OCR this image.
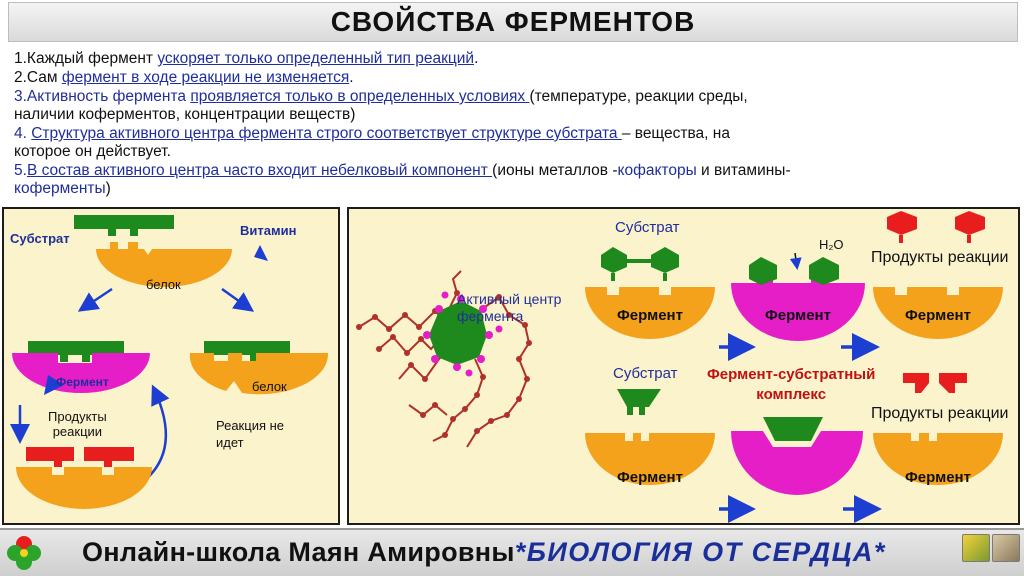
СВОЙСТВА ФЕРМЕНТОВ
1.Каждый фермент ускоряет только определенный тип реакций.
2.Сам фермент в ходе реакции не изменяется.
3.Активность фермента проявляется только в определенных условиях (температуре, реакции среды,
наличии коферментов, концентрации веществ)
4. Структура активного центра фермента строго соответствует структуре субстрата – вещества, на
которое он действует.
5.В состав активного центра часто входит небелковый компонент (ионы металлов -кофакторы и витамины-
коферменты)
Субстрат
Витамин
белок
Фермент	белок
Продукты
реакции	Реакция не
идет
Активный центр
фермента
Субстрат
Субстрат
H₂O
Продукты реакции
Продукты реакции
Фермент-субстратный
комплекс
Фермент	Фермент	Фермент
Фермент	Фермент
Онлайн-школа Маян Амировны*БИОЛОГИЯ ОТ СЕРДЦА*
